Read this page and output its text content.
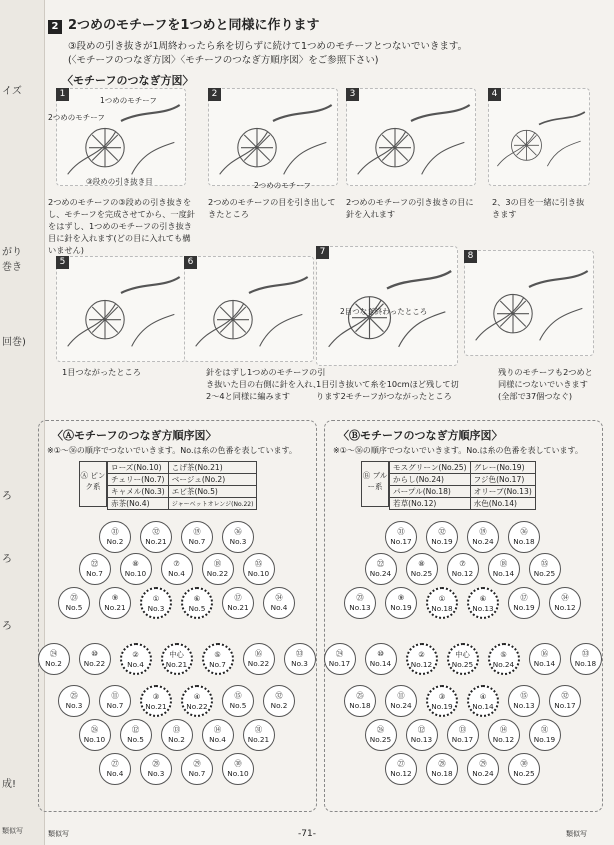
イズ
がり
巻き
回巻)
ろ
ろ
ろ
成!
類似写
2 2つめのモチーフを1つめと同様に作ります
③段めの引き抜きが1周終わったら糸を切らずに続けて1つめのモチーフとつないでいきます。
(〈モチーフのつなぎ方図〉〈モチーフのつなぎ方順序図〉をご参照下さい)
〈モチーフのつなぎ方図〉
1
2つめのモチーフの③段めの引き抜きをし、モチーフを完成させてから、一度針をはずし、1つめのモチーフの引き抜き目に針を入れます(どの目に入れても構いません)
1つめのモチーフ
2つめのモチーフ
③段めの引き抜き目
2
2つめのモチーフの目を引き出してきたところ
2つめのモチーフ
3
2つめのモチーフの引き抜きの目に針を入れます
4
2、3の目を一緒に引き抜きます
5
1目つながったところ
6
針をはずし1つめのモチーフの引き抜いた目の右側に針を入れ、2～4と同様に編みます
7
1目引き抜いて糸を10cmほど残して切ります2モチーフがつながったところ
2目つなぎ終わったところ
8
残りのモチーフも2つめと同様につないでいきます(全部で37個つなぐ)
〈Ⓐモチーフのつなぎ方順序図〉
※①～㊱の順序でつないでいきます。No.は糸の色番を表しています。
Ⓐ ピンク系
ローズ(No.10)	こげ茶(No.21)
チェリー(No.7)	ベージュ(No.2)
キャメル(No.3)	エビ茶(No.5)
赤茶(No.4)	ジャーベットオレンジ(No.22)
㉛
No.2
㉜
No.21
⑲
No.7
㊱
No.3
㉒
No.7
⑧
No.10
⑦
No.4
⑱
No.22
㉟
No.10
㉓
No.5
⑨
No.21
①
No.3
⑥
No.5
⑰
No.21
㉞
No.4
㉔
No.2
⑩
No.22
②
No.4
中心
No.21
⑤
No.7
⑯
No.22
㉝
No.3
㉕
No.3
⑪
No.7
③
No.21
④
No.22
⑮
No.5
㉜
No.2
㉖
No.10
⑫
No.5
⑬
No.2
⑭
No.4
㉛
No.21
㉗
No.4
㉘
No.3
㉙
No.7
㉚
No.10
〈Ⓑモチーフのつなぎ方順序図〉
※①～㊱の順序でつないでいきます。No.は糸の色番を表しています。
Ⓑ ブルー系
モスグリーン(No.25)	グレー(No.19)
からし(No.24)	フジ色(No.17)
パープル(No.18)	オリーブ(No.13)
若草(No.12)	水色(No.14)
㉛
No.17
㉜
No.19
⑲
No.24
㊱
No.18
㉒
No.24
⑧
No.25
⑦
No.12
⑱
No.14
㉟
No.25
㉓
No.13
⑨
No.19
①
No.18
⑥
No.13
⑰
No.19
㉞
No.12
㉔
No.17
⑩
No.14
②
No.12
中心
No.25
⑤
No.24
⑯
No.14
㉝
No.18
㉕
No.18
⑪
No.24
③
No.19
④
No.14
⑮
No.13
㉜
No.17
㉖
No.25
⑫
No.13
⑬
No.17
⑭
No.12
㉛
No.19
㉗
No.12
㉘
No.18
㉙
No.24
㉚
No.25
-71-
類似写	類似写
